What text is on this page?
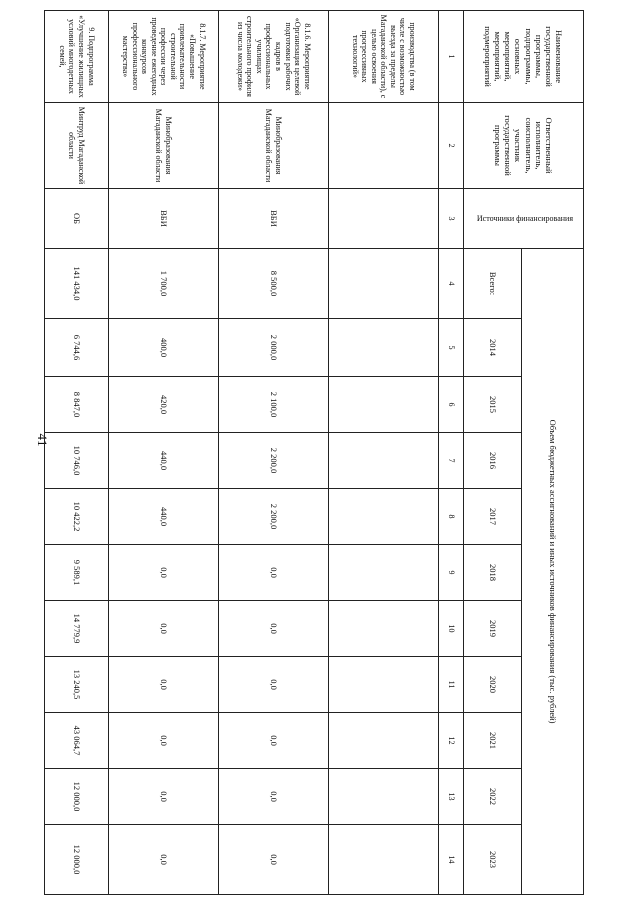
41
Наименование государственной программы, подпрограммы, основных мероприятий, мероприятий, подмероприятий	Ответственный исполнитель, соисполнитель, участник государственной программы	Источники финансирования	Объем бюджетных ассигнований и иных источников финансирования (тыс. рублей)										
			Всего:	2014	2015	2016	2017	2018	2019	2020	2021	2022	2023
1	2	3	4	5	6	7	8	9	10	11	12	13	14
производства (в том числе с возможностью выезда за пределы Магаданской области), с целью освоения прогрессивных технологий»													
8.1.6. Мероприятие «Организация целевой подготовки рабочих кадров в профессиональных училищах строительного профиля из числа молодежи»	Минобразования Магаданской области	ВБИ	8 500,0	2 000,0	2 100,0	2 200,0	2 200,0	0,0	0,0	0,0	0,0	0,0	0,0
8.1.7. Мероприятие «Повышение привлекательности строительной профессии через проведение ежегодных конкурсов профессионального мастерства»	Минобразования Магаданской области	ВБИ	1 700,0	400,0	420,0	440,0	440,0	0,0	0,0	0,0	0,0	0,0	0,0
9. Подпрограмма «Улучшение жилищных условий многодетных семей,	Минтруд Магаданской области	ОБ	141 434,0	6 744,6	8 847,0	10 746,0	10 422,2	9 589,1	14 779,9	13 240,5	43 064,7	12 000,0	12 000,0
